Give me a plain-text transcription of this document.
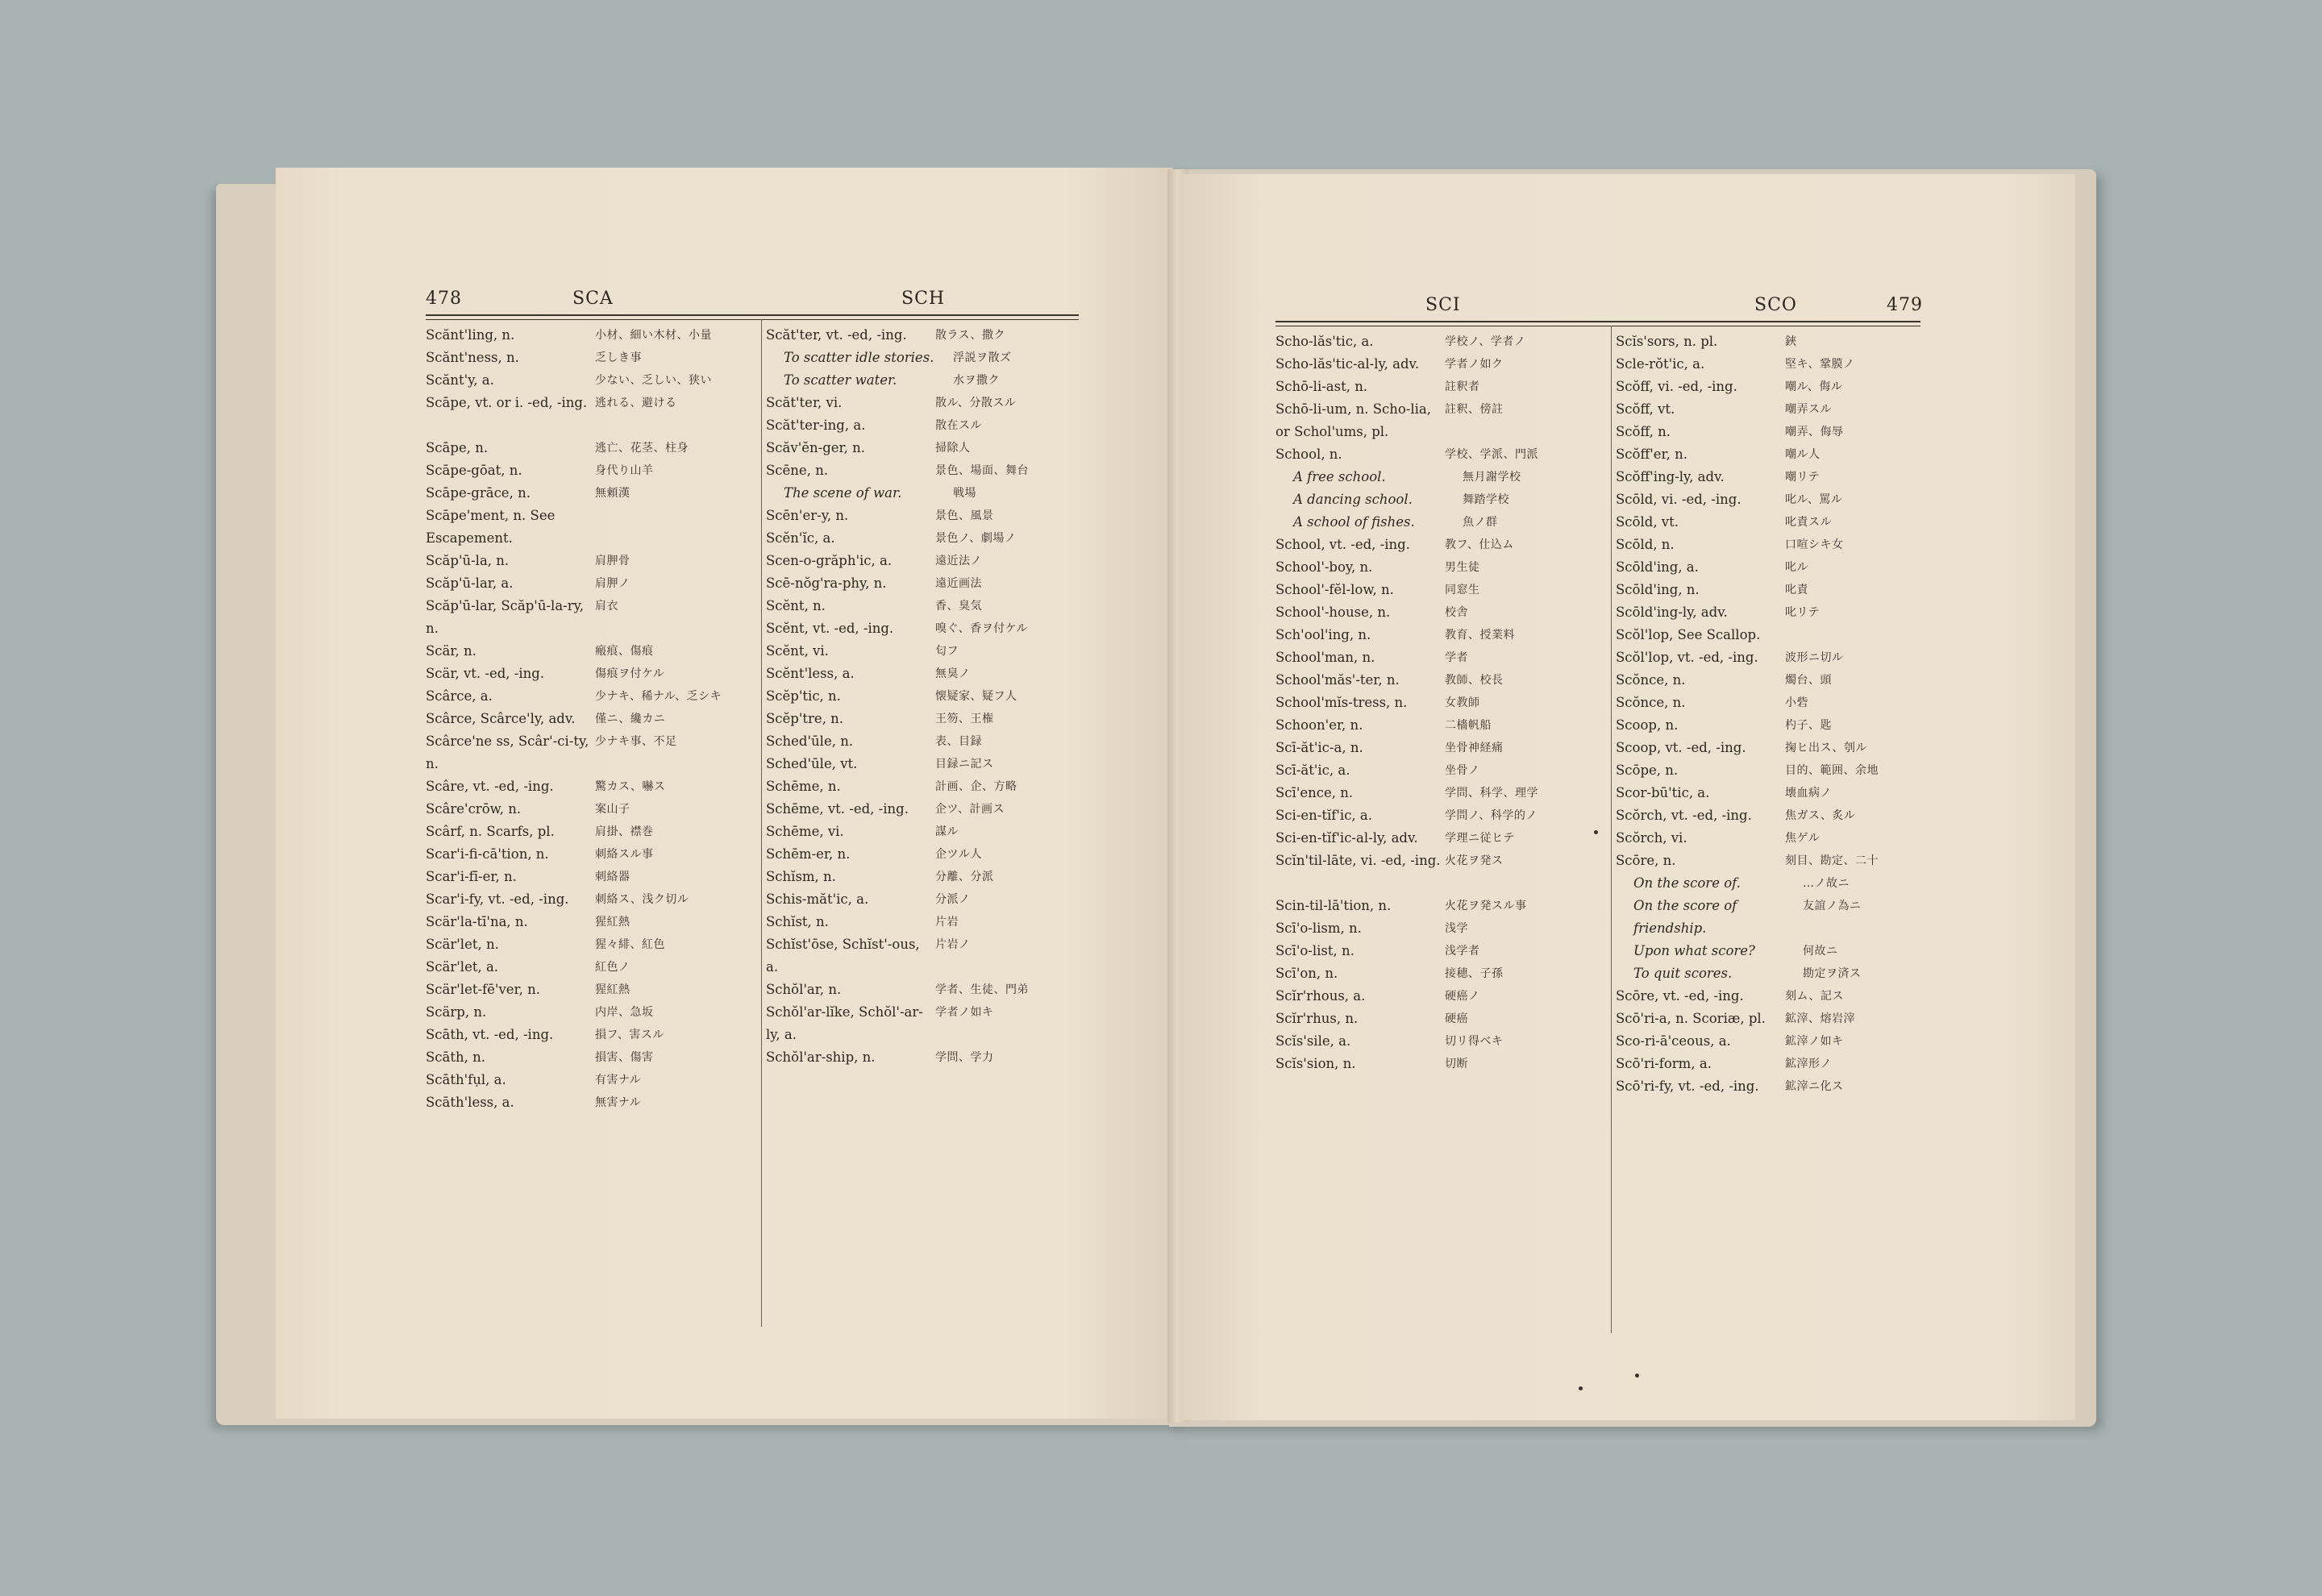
478	SCA	SCH
Scănt'ling, n.	小材、細い木材、小量
Scănt'ness, n.	乏しき事
Scănt'y, a.	少ない、乏しい、狭い
Scāpe, vt. or i. -ed, -ing. 逃れる、避ける
Scāpe, n.	逃亡、花茎、柱身
Scāpe-gōat, n.	身代り山羊
Scāpe-grāce, n.	無頼漢
Scāpe'ment, n. See Escapement.
Scăp'ū-la, n.	肩胛骨
Scăp'ū-lar, a.	肩胛ノ
Scăp'ū-lar, Scăp'ū-la-ry, n.
肩衣
Scär, n.	瘢痕、傷痕
Scär, vt. -ed, -ing.	傷痕ヲ付ケル
Scârce, a.	少ナキ、稀ナル、乏シキ
Scârce, Scârce'ly, adv.	僅ニ、纔カニ
Scârce'ne ss, Scâr'-ci-ty, n.
少ナキ事、不足
Scâre, vt. -ed, -ing.	驚カス、嚇ス
Scâre'crōw, n.	案山子
Scârf, n. Scarfs, pl.	肩掛、襟巻
Scar'i-fi-cā'tion, n.	刺絡スル事
Scar'i-fī-er, n.	刺絡器
Scar'i-fy, vt. -ed, -ing.	刺絡ス、浅ク切ル
Scär'la-tī'na, n.	猩紅熱
Scär'let, n.	猩々緋、紅色
Scär'let, a.	紅色ノ
Scär'let-fē'ver, n.	猩紅熱
Scärp, n.	内岸、急坂
Scāth, vt. -ed, -ing.	損フ、害スル
Scāth, n.	損害、傷害
Scāth'fụl, a.	有害ナル
Scāth'less, a.	無害ナル
Scăt'ter, vt. -ed, -ing.	散ラス、撒ク
To scatter idle stories.	浮説ヲ散ズ
To scatter water.	水ヲ撒ク
Scăt'ter, vi.	散ル、分散スル
Scăt'ter-ing, a.	散在スル
Scăv'ĕn-ger, n.	掃除人
Scēne, n.	景色、場面、舞台
The scene of war.	戦場
Scēn'er-y, n.	景色、風景
Scĕn'ĭc, a.	景色ノ、劇場ノ
Scen-o-grăph'ic, a.	遠近法ノ
Scē-nŏg'ra-phy, n.	遠近画法
Scĕnt, n.	香、臭気
Scĕnt, vt. -ed, -ing.	嗅ぐ、香ヲ付ケル
Scĕnt, vi.	匂フ
Scĕnt'less, a.	無臭ノ
Scĕp'tic, n.	懐疑家、疑フ人
Scĕp'tre, n.	王笏、王権
Sched'ūle, n.	表、目録
Sched'ūle, vt.	目録ニ記ス
Schēme, n.	計画、企、方略
Schēme, vt. -ed, -ing.	企ツ、計画ス
Schēme, vi.	謀ル
Schēm-er, n.	企ツル人
Schĭsm, n.	分離、分派
Schis-măt'ic, a.	分派ノ
Schĭst, n.	片岩
Schĭst'ōse, Schĭst'-ous, a.
片岩ノ
Schŏl'ar, n.	学者、生徒、門弟
Schŏl'ar-lĭke, Schŏl'-ar-ly, a.
学者ノ如キ
Schŏl'ar-ship, n.	学問、学力
SCI	SCO	479
Scho-lăs'tic, a.	学校ノ、学者ノ
Scho-lăs'tic-al-ly, adv.	学者ノ如ク
Schō-li-ast, n.	註釈者
Schō-li-um, n. Scho-lia, or Schol'ums, pl.
註釈、傍註
School, n.	学校、学派、門派
A free school.	無月謝学校
A dancing school.	舞踏学校
A school of fishes.	魚ノ群
School, vt. -ed, -ing.	教フ、仕込ム
School'-boy, n.	男生徒
School'-fĕl-low, n.	同窓生
School'-house, n.	校舎
Sch'ool'ing, n.	教育、授業料
School'man, n.	学者
School'măs'-ter, n.	教師、校長
School'mĭs-tress, n.	女教師
Schoon'er, n.	二檣帆船
Scī-ăt'ic-a, n.	坐骨神経痛
Scī-ăt'ic, a.	坐骨ノ
Scī'ence, n.	学問、科学、理学
Sci-en-tĭf'ic, a.	学問ノ、科学的ノ
Sci-en-tĭf'ic-al-ly, adv.	学理ニ従ヒテ
Scĭn'til-lāte, vi. -ed, -ing. 火花ヲ発ス
Scin-til-lā'tion, n.	火花ヲ発スル事
Scī'o-lism, n.	浅学
Scī'o-list, n.	浅学者
Scī'on, n.	接穂、子孫
Scĭr'rhous, a.	硬癌ノ
Scĭr'rhus, n.	硬癌
Scĭs'sile, a.	切リ得ベキ
Scĭs'sion, n.	切断
Scĭs'sors, n. pl.	鋏
Scle-rŏt'ic, a.	堅キ、鞏膜ノ
Scŏff, vi. -ed, -ing.	嘲ル、侮ル
Scŏff, vt.	嘲弄スル
Scŏff, n.	嘲弄、侮辱
Scŏff'er, n.	嘲ル人
Scŏff'ing-ly, adv.	嘲リテ
Scōld, vi. -ed, -ing.	叱ル、罵ル
Scōld, vt.	叱責スル
Scōld, n.	口喧シキ女
Scōld'ing, a.	叱ル
Scōld'ing, n.	叱責
Scōld'ing-ly, adv.	叱リテ
Scŏl'lop, See Scallop.
Scŏl'lop, vt. -ed, -ing.	波形ニ切ル
Scŏnce, n.	燭台、頭
Scŏnce, n.	小砦
Scoop, n.	杓子、匙
Scoop, vt. -ed, -ing.	掬ヒ出ス、刳ル
Scōpe, n.	目的、範囲、余地
Scor-bū'tic, a.	壊血病ノ
Scŏrch, vt. -ed, -ing.	焦ガス、炙ル
Scŏrch, vi.	焦ゲル
Scōre, n.	刻目、勘定、二十
On the score of.	…ノ故ニ
On the score of friendship.
友誼ノ為ニ
Upon what score?	何故ニ
To quit scores.	勘定ヲ済ス
Scōre, vt. -ed, -ing.	刻ム、記ス
Scō'ri-a, n. Scoriæ, pl.	鉱滓、熔岩滓
Sco-ri-ā'ceous, a.	鉱滓ノ如キ
Scō'ri-form, a.	鉱滓形ノ
Scō'ri-fy, vt. -ed, -ing.	鉱滓ニ化ス
